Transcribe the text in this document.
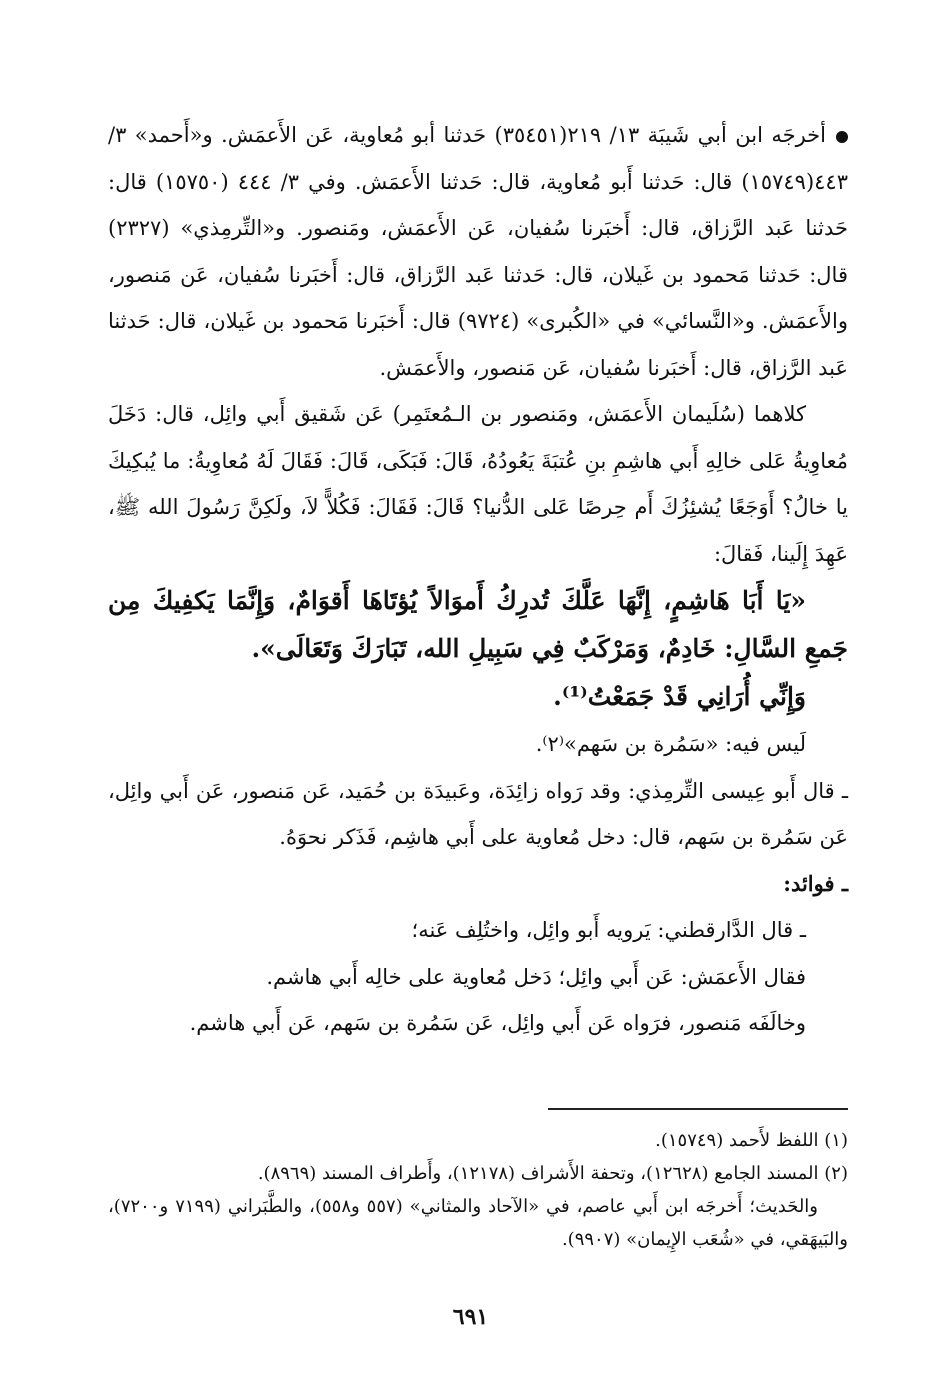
أخرجَه ابن أبي شَيبَة ١٣/ ٢١٩(٣٥٤٥١) حَدثنا أبو مُعاوية، عَن الأَعمَش. و«أَحمد» ٣/ ٤٤٣(١٥٧٤٩) قال: حَدثنا أَبو مُعاوية، قال: حَدثنا الأَعمَش. وفي ٣/ ٤٤٤ (١٥٧٥٠) قال: حَدثنا عَبد الرَّزاق، قال: أَخبَرنا سُفيان، عَن الأَعمَش، ومَنصور. و«التِّرمِذي» (٢٣٢٧) قال: حَدثنا مَحمود بن غَيلان، قال: حَدثنا عَبد الرَّزاق، قال: أَخبَرنا سُفيان، عَن مَنصور، والأَعمَش. و«النَّسائي» في «الكُبرى» (٩٧٢٤) قال: أَخبَرنا مَحمود بن غَيلان، قال: حَدثنا عَبد الرَّزاق، قال: أَخبَرنا سُفيان، عَن مَنصور، والأَعمَش.

كلاهما (سُلَيمان الأَعمَش، ومَنصور بن الـمُعتَمِر) عَن شَقيق أَبي وائِل، قال: دَخَلَ مُعاوِيةُ عَلى خالِهِ أَبي هاشِمِ بنِ عُتبَةَ يَعُودُهُ، قَالَ: فَبَكَى، قَالَ: فَقَالَ لَهُ مُعاوِيةُ: ما يُبكِيكَ يا خالُ؟ أَوَجَعًا يُشئِزُكَ أَم حِرصًا عَلى الدُّنيا؟ قَالَ: فَقَالَ: فَكُلاًّ لاَ، ولَكِنَّ رَسُولَ الله ﷺ، عَهِدَ إِلَينا، فَقالَ:

«يَا أَبَا هَاشِمٍ، إِنَّهَا عَلَّكَ تُدرِكُ أَموَالاً يُؤتَاهَا أَقوَامٌ، وَإِنَّمَا يَكفِيكَ مِن جَمعِ السَّالِ: خَادِمٌ، وَمَرْكَبٌ فِي سَبِيلِ الله، تَبَارَكَ وَتَعَالَى».

وَإِنِّي أُرَانِي قَدْ جَمَعْتُ⁽¹⁾.

لَيس فيه: «سَمُرة بن سَهم»⁽٢⁾.

ـ قال أَبو عِيسى التِّرمِذي: وقد رَواه زائِدَة، وعَبيدَة بن حُمَيد، عَن مَنصور، عَن أَبي وائِل، عَن سَمُرة بن سَهم، قال: دخل مُعاوية على أَبي هاشِم، فَذَكر نحوَهُ.

ـ فوائد:

ـ قال الدَّارقطني: يَرويه أَبو وائِل، واختُلِف عَنه؛

فقال الأَعمَش: عَن أَبي وائِل؛ دَخل مُعاوية على خالِه أَبي هاشم.

وخالَفَه مَنصور، فرَواه عَن أَبي وائِل، عَن سَمُرة بن سَهم، عَن أَبي هاشم.

(١) اللفظ لأَحمد (١٥٧٤٩).

(٢) المسند الجامع (١٢٦٢٨)، وتحفة الأَشراف (١٢١٧٨)، وأَطراف المسند (٨٩٦٩).

والحَديث؛ أَخرجَه ابن أَبي عاصم، في «الآحاد والمثاني» (٥٥٧ و٥٥٨)، والطَّبَراني (٧١٩٩ و٧٢٠٠)، والبَيهَقي، في «شُعَب الإِيمان» (٩٩٠٧).

٦٩١
